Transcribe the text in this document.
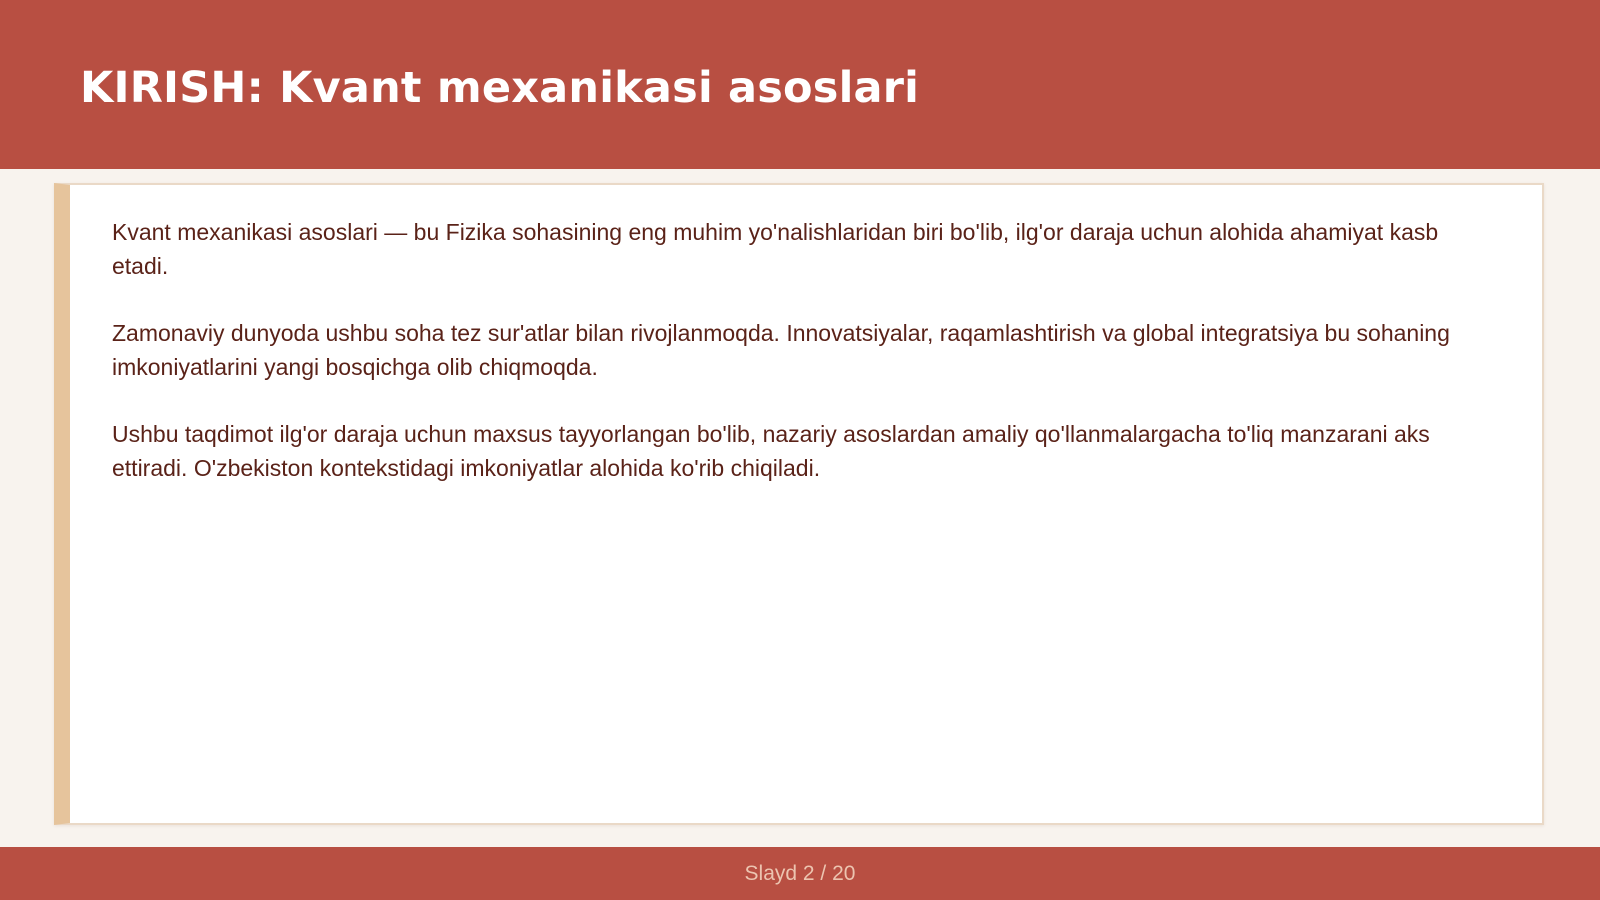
KIRISH: Kvant mexanikasi asoslari

Kvant mexanikasi asoslari — bu Fizika sohasining eng muhim yo'nalishlaridan biri bo'lib, ilg'or daraja uchun alohida ahamiyat kasb etadi.

Zamonaviy dunyoda ushbu soha tez sur'atlar bilan rivojlanmoqda. Innovatsiyalar, raqamlashtirish va global integratsiya bu sohaning imkoniyatlarini yangi bosqichga olib chiqmoqda.

Ushbu taqdimot ilg'or daraja uchun maxsus tayyorlangan bo'lib, nazariy asoslardan amaliy qo'llanmalargacha to'liq manzarani aks ettiradi. O'zbekiston kontekstidagi imkoniyatlar alohida ko'rib chiqiladi.

Slayd 2 / 20
